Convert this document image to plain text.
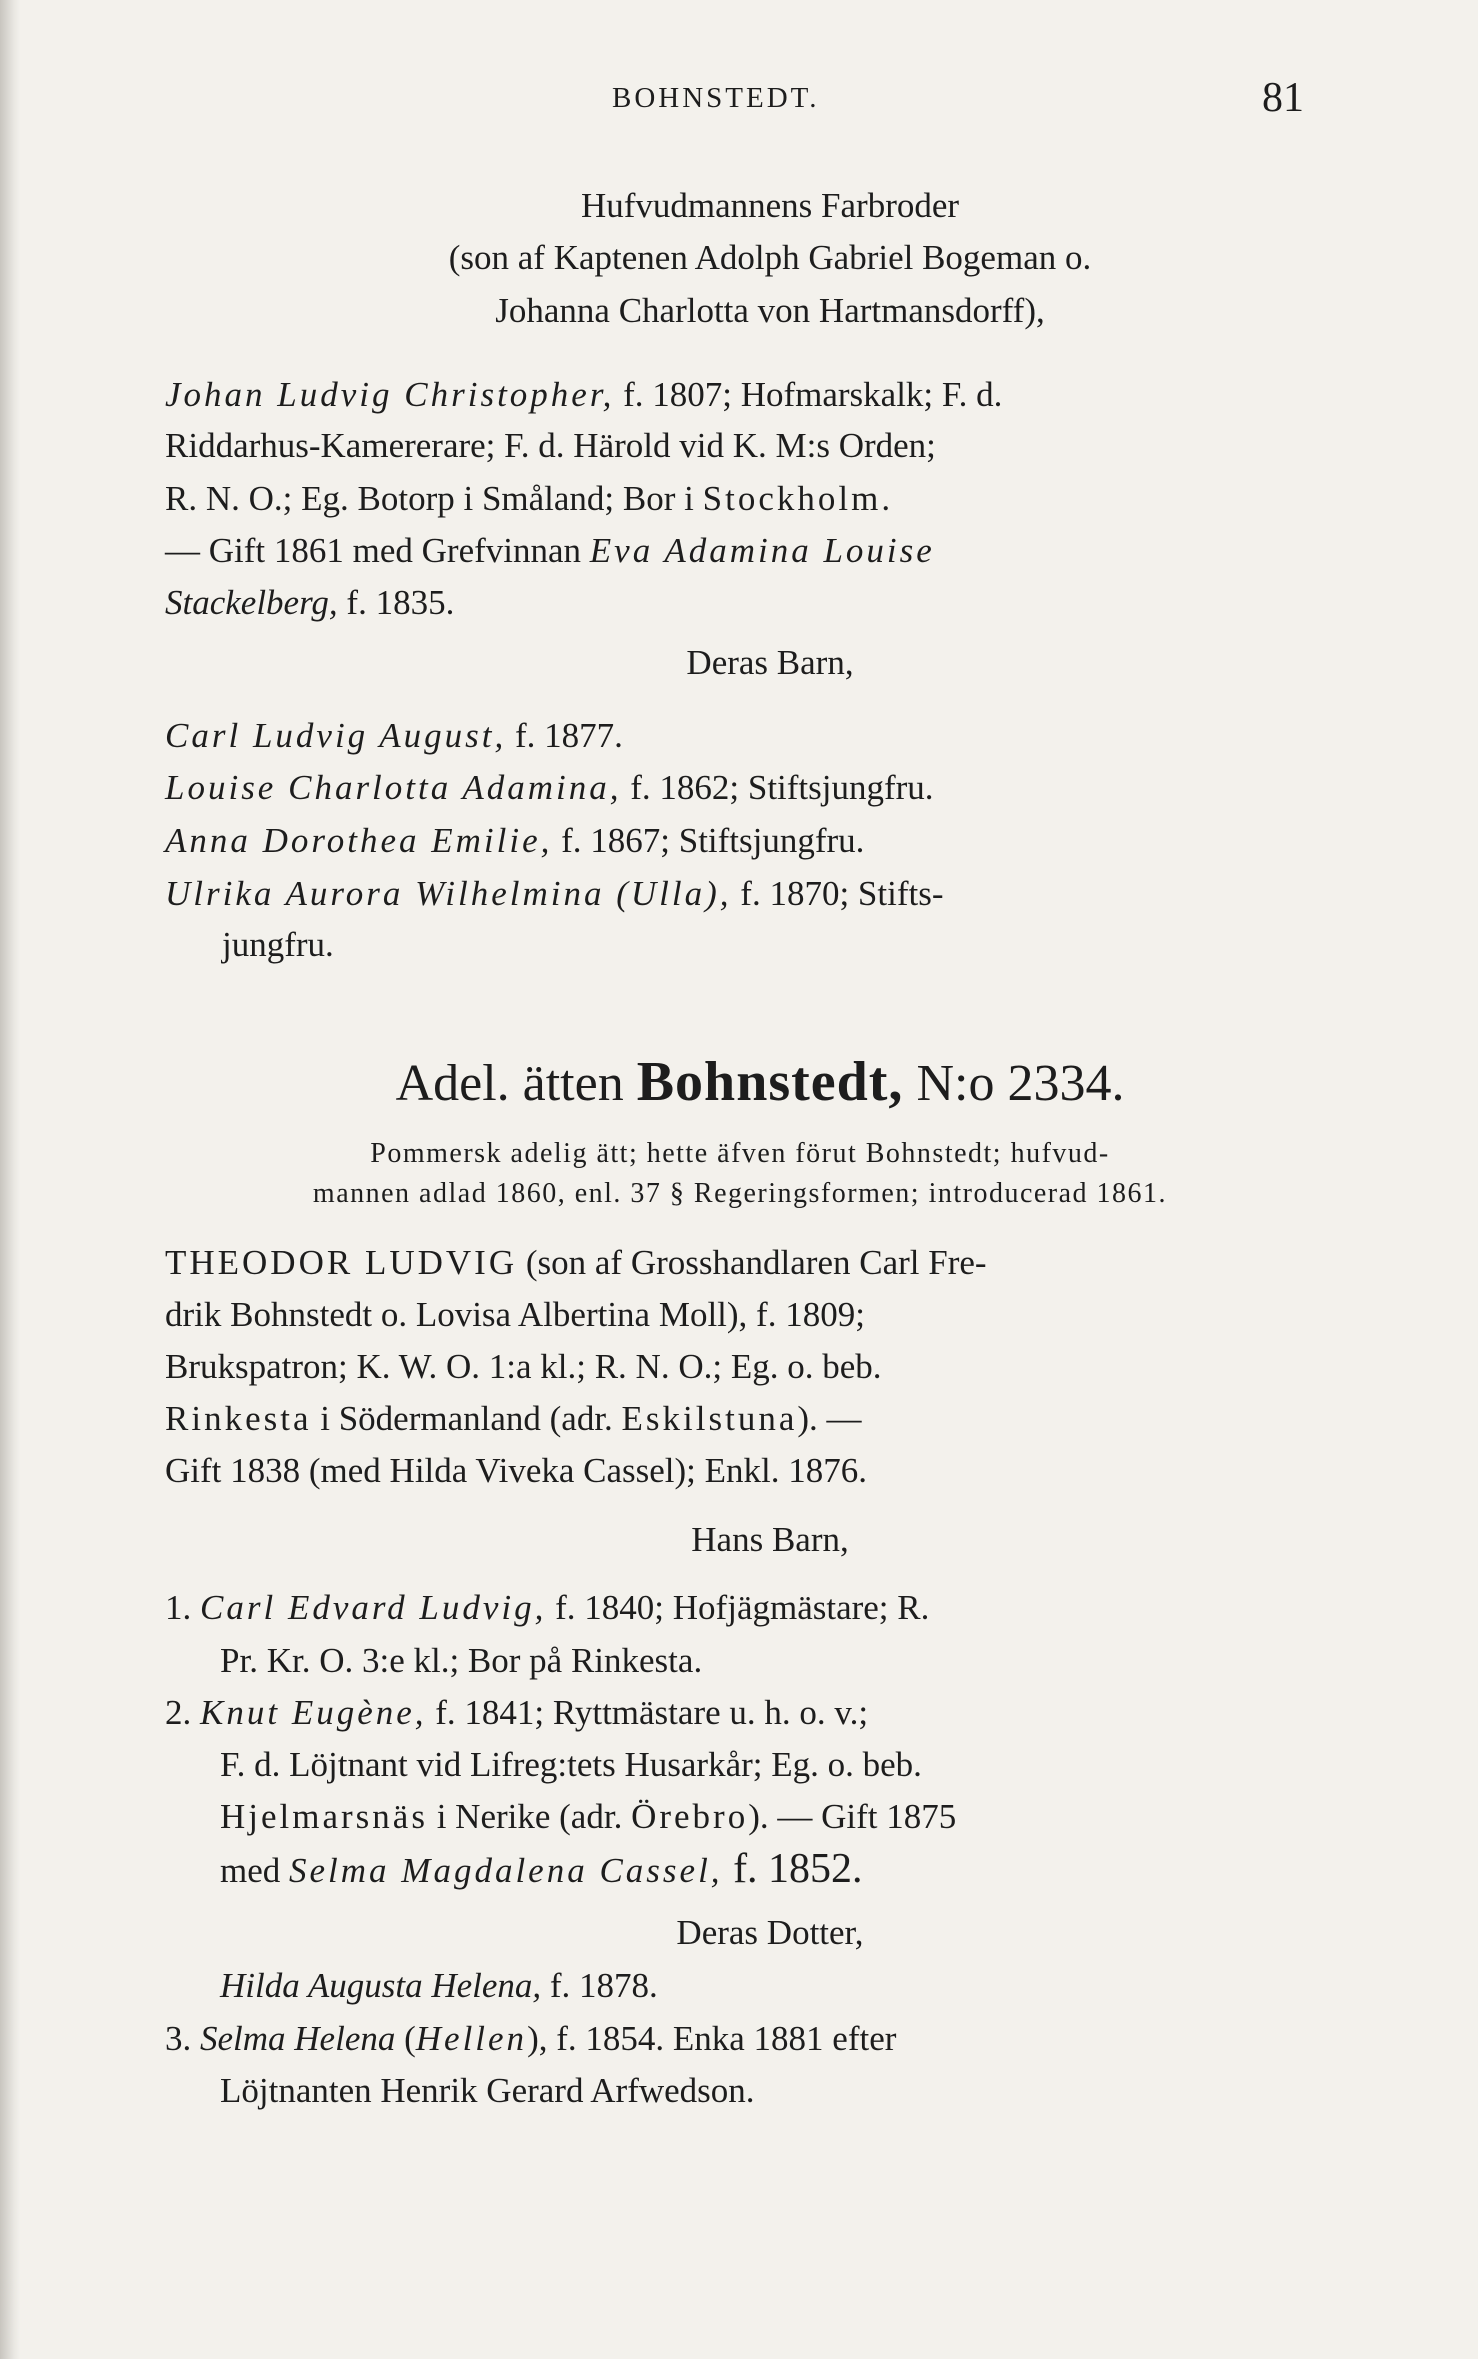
BOHNSTEDT.	81
Hufvudmannens Farbroder
(son af Kaptenen Adolph Gabriel Bogeman o.
Johanna Charlotta von Hartmansdorff),
Johan Ludvig Christopher, f. 1807; Hofmarskalk; F. d.
Riddarhus-Kamererare; F. d. Härold vid K. M:s Orden;
R. N. O.; Eg. Botorp i Småland; Bor i Stockholm.
— Gift 1861 med Grefvinnan Eva Adamina Louise
Stackelberg, f. 1835.
Deras Barn,
Carl Ludvig August, f. 1877.
Louise Charlotta Adamina, f. 1862; Stiftsjungfru.
Anna Dorothea Emilie, f. 1867; Stiftsjungfru.
Ulrika Aurora Wilhelmina (Ulla), f. 1870; Stifts-
jungfru.
Adel. ätten Bohnstedt, N:o 2334.
Pommersk adelig ätt; hette äfven förut Bohnstedt; hufvud-
mannen adlad 1860, enl. 37 § Regeringsformen; introducerad 1861.
THEODOR LUDVIG (son af Grosshandlaren Carl Fre-
drik Bohnstedt o. Lovisa Albertina Moll), f. 1809;
Brukspatron; K. W. O. 1:a kl.; R. N. O.; Eg. o. beb.
Rinkesta i Södermanland (adr. Eskilstuna). —
Gift 1838 (med Hilda Viveka Cassel); Enkl. 1876.
Hans Barn,
1. Carl Edvard Ludvig, f. 1840; Hofjägmästare; R.
Pr. Kr. O. 3:e kl.; Bor på Rinkesta.
2. Knut Eugène, f. 1841; Ryttmästare u. h. o. v.;
F. d. Löjtnant vid Lifreg:tets Husarkår; Eg. o. beb.
Hjelmarsnäs i Nerike (adr. Örebro). — Gift 1875
med Selma Magdalena Cassel, f. 1852.
Deras Dotter,
Hilda Augusta Helena, f. 1878.
3. Selma Helena (Hellen), f. 1854. Enka 1881 efter
Löjtnanten Henrik Gerard Arfwedson.
